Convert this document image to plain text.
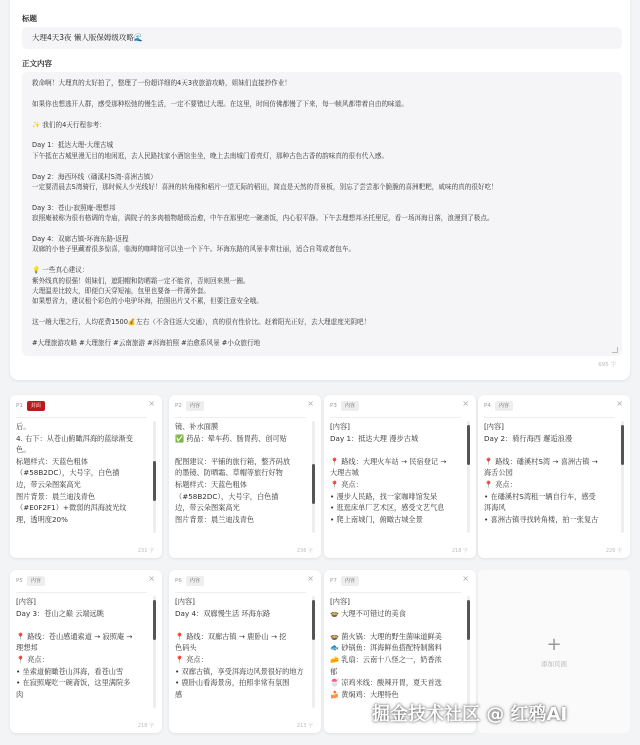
标题
大理4天3夜 懒人版保姆级攻略🌊
正文内容

救命啊！大理真的太好拍了，整理了一份超详细的4天3夜旅游攻略，姐妹们直接抄作业！

如果你也想逃开人群，感受那种松弛的慢生活，一定不要错过大理。在这里，时间仿佛都慢了下来，每一帧风都带着自由的味道。

✨ 我们的4天行程参考：

Day 1：抵达大理-大理古城

下午抵在古城里漫无目的地闲逛，去人民路找家小酒馆坐坐，晚上去南城门看亮灯，那种古色古香的韵味真的很有代入感。

Day 2：海西环线（磻溪村S湾-喜洲古镇）

一定要清晨去S湾骑行，那时候人少光线好！喜洲的转角楼和稻片一望无际的稻田，简直是天然的背景板，别忘了尝尝那个脆脆的喜洲粑粑，咸味的真的很好吃！

Day 3：苍山-寂照庵-理想邦

寂照庵被称为很有格调的寺庙，满院子的多肉植物超级治愈，中午在那里吃一碗斋饭，内心很平静。下午去理想邦圣托里尼，看一场洱海日落，浪漫到了极点。

Day 4：双廊古镇-环海东路-返程

双廊的小巷子里藏着很多惊喜，临海的咖啡馆可以坐一个下午。环海东路的风景非常壮丽，适合自驾或者包车。

💡 一些真心建议：

紫外线真的很强！姐妹们，遮阳帽和防晒霜一定不能省，否则回来黑一圈。

大理温差比较大，即便白天穿短袖，包里也要备一件薄外套。

如果想省力，建议租个彩色的小电驴环海，拍照出片又不累，但要注意安全哦。

这一趟大理之行，人均花费1500💰左右（不含往返大交通），真的很有性价比。赶着阳光正好，去大理虚度光阴吧！

#大理旅游攻略 #大理旅行 #云南旅游 #洱海拍照 #治愈系风景 #小众旅行地

695 字
P1	封面	×

后。

4. 右下：从苍山俯瞰洱海的蓝绿渐变

色。

标题样式：天蓝色粗体

（#58B2DC），大号字，白色描

边，带云朵图案高光

图片背景：晨兰迪浅青色

（#E0F2F1）+微弱的洱海波光纹

理，透明度20%

231 字
P2	内容	×

镜、补水面膜

✅ 药品：晕车药、肠胃药、创可贴

配图建议：平铺的旅行箱，整齐码放

的墨镜、防晒霜、草帽等旅行好物

标题样式：天蓝色粗体

（#58B2DC），大号字，白色描

边，带云朵图案高光

图片背景：晨兰迪浅青色

236 字
P3	内容	×

[内容]

Day 1：抵达大理 漫步古城

📍 路线：大理火车站 → 民宿登记 →

大理古城

📍 亮点：

• 漫步人民路，找一家咖啡馆发呆

• 逛逛床单厂艺术区，感受文艺气息

• 爬上南城门，俯瞰古城全景

218 字
P4	内容	×

[内容]

Day 2：骑行海西 邂逅浪漫

📍 路线：磻溪村S湾 → 喜洲古镇 →

海舌公园

📍 亮点：

• 在磻溪村S湾租一辆自行车，感受

洱海风

• 喜洲古镇寻找转角楼，拍一张复古

226 字
P5	内容	×

[内容]

Day 3：苍山之巅 云端远眺

📍 路线：苍山感通索道 → 寂照庵 →

理想邦

📍 亮点：

• 坐索道俯瞰苍山洱海，看苍山雪

• 在寂照庵吃一碗斋饭，这里满院多

肉

218 字
P6	内容	×

[内容]

Day 4：双廊慢生活 环海东路

📍 路线：双廊古镇 → 鹿卧山 → 挖

色码头

📍 亮点：

• 双廊古镇，享受洱海边风景很好的地方

• 鹿卧山看海景房，拍照非常有氛围

感

213 字
P7	内容	×

[内容]

🍲 大理不可错过的美食

🍲 菌火锅：大理的野生菌味道鲜美

🐟 砂锅鱼：洱海鲜鱼搭配特制酱料

🧀 乳扇：云南十八怪之一，奶香浓

郁

🍧 凉鸡米线：酸辣开胃，夏天首选

🍰 黄焖鸡：大理特色

+
添加页面
掘金技术社区 @ 红鸦AI
